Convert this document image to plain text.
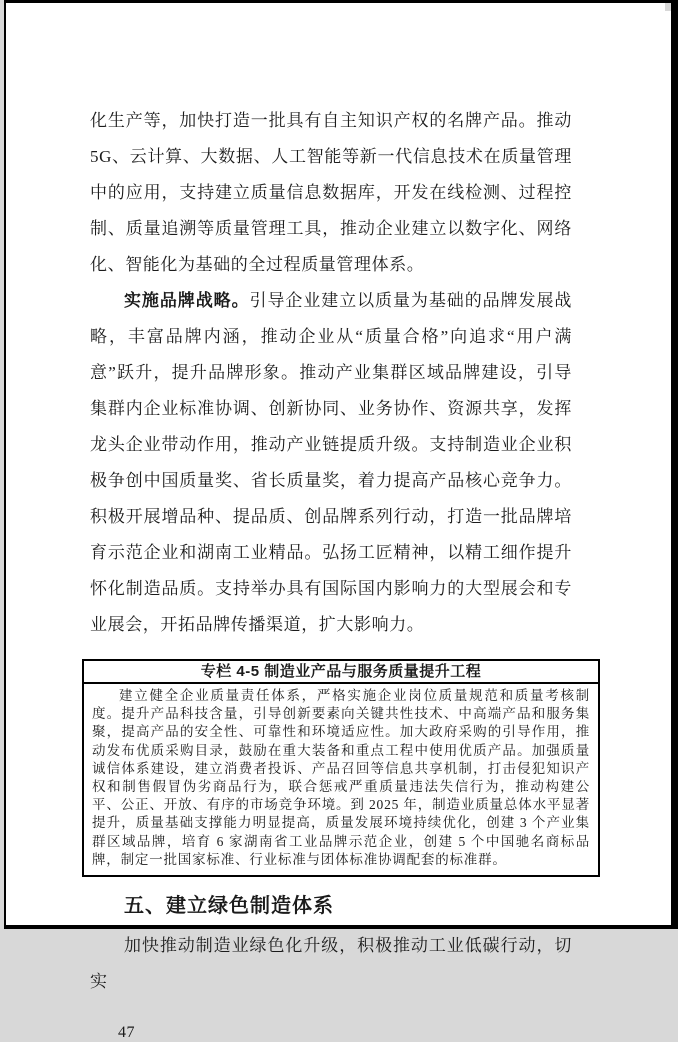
化生产等，加快打造一批具有自主知识产权的名牌产品。推动5G、云计算、大数据、人工智能等新一代信息技术在质量管理中的应用，支持建立质量信息数据库，开发在线检测、过程控制、质量追溯等质量管理工具，推动企业建立以数字化、网络化、智能化为基础的全过程质量管理体系。

实施品牌战略。引导企业建立以质量为基础的品牌发展战略，丰富品牌内涵，推动企业从“质量合格”向追求“用户满意”跃升，提升品牌形象。推动产业集群区域品牌建设，引导集群内企业标准协调、创新协同、业务协作、资源共享，发挥龙头企业带动作用，推动产业链提质升级。支持制造业企业积极争创中国质量奖、省长质量奖，着力提高产品核心竞争力。积极开展增品种、提品质、创品牌系列行动，打造一批品牌培育示范企业和湖南工业精品。弘扬工匠精神，以精工细作提升怀化制造品质。支持举办具有国际国内影响力的大型展会和专业展会，开拓品牌传播渠道，扩大影响力。

专栏 4-5 制造业产品与服务质量提升工程

建立健全企业质量责任体系，严格实施企业岗位质量规范和质量考核制度。提升产品科技含量，引导创新要素向关键共性技术、中高端产品和服务集聚，提高产品的安全性、可靠性和环境适应性。加大政府采购的引导作用，推动发布优质采购目录，鼓励在重大装备和重点工程中使用优质产品。加强质量诚信体系建设，建立消费者投诉、产品召回等信息共享机制，打击侵犯知识产权和制售假冒伪劣商品行为，联合惩戒严重质量违法失信行为，推动构建公平、公正、开放、有序的市场竞争环境。到 2025 年，制造业质量总体水平显著提升，质量基础支撑能力明显提高，质量发展环境持续优化，创建 3 个产业集群区域品牌，培育 6 家湖南省工业品牌示范企业，创建 5 个中国驰名商标品牌，制定一批国家标准、行业标准与团体标准协调配套的标准群。

五、建立绿色制造体系

加快推动制造业绿色化升级，积极推动工业低碳行动，切实

47
